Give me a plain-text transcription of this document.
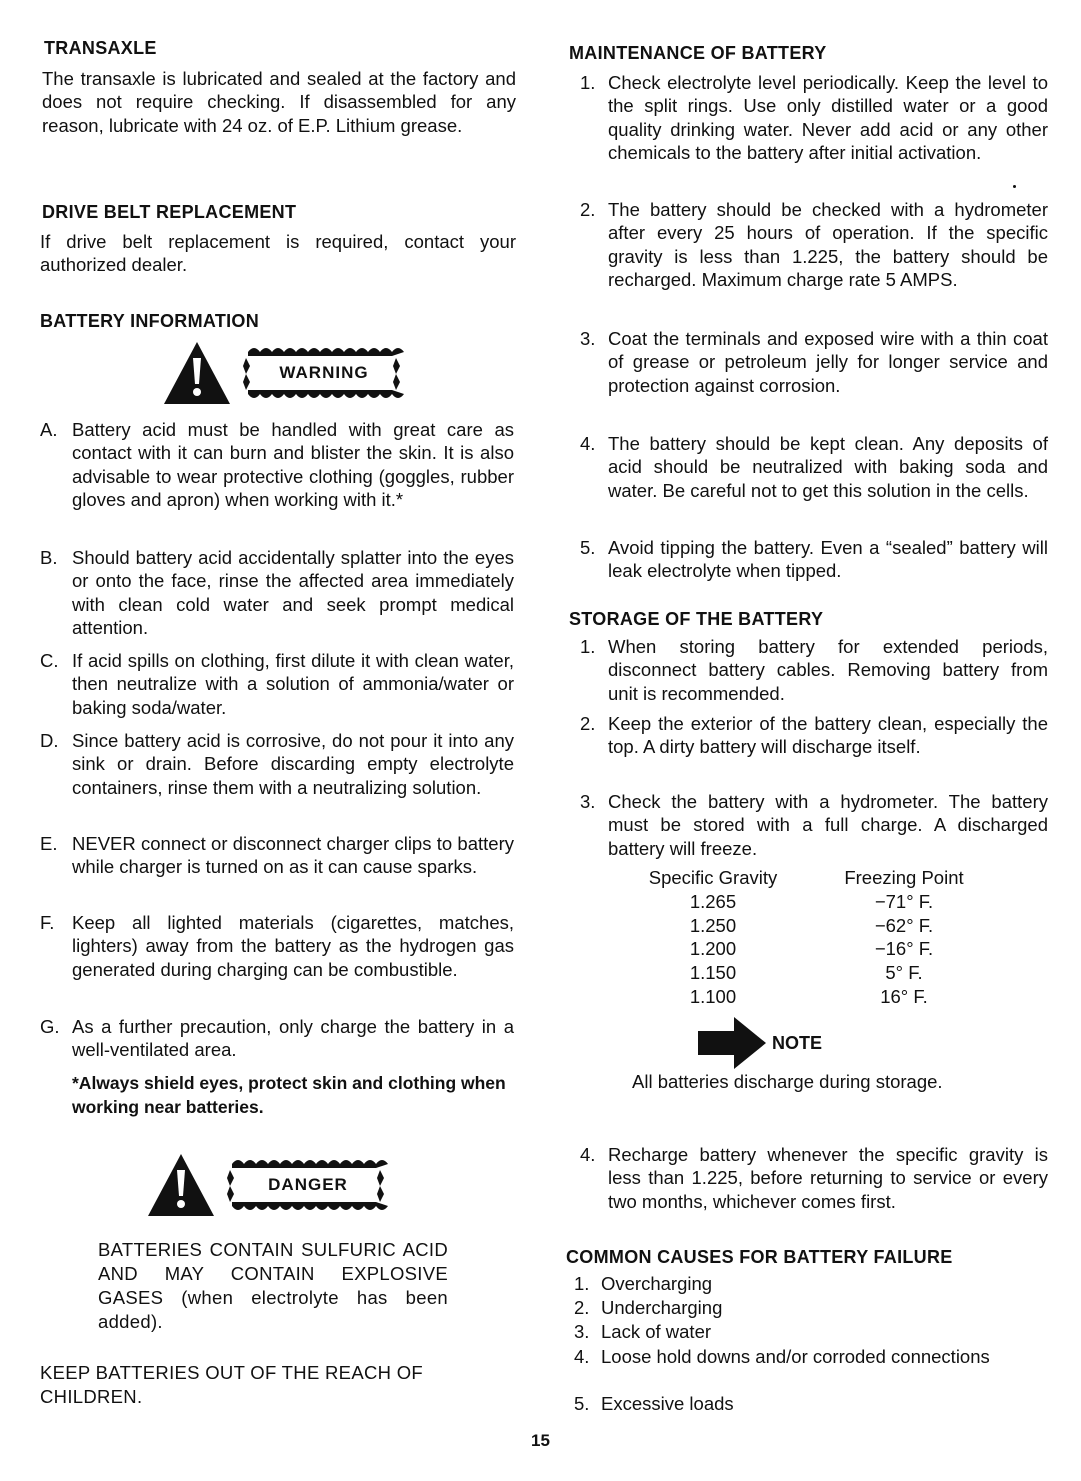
TRANSAXLE

The transaxle is lubricated and sealed at the factory and does not require checking. If disassembled for any reason, lubricate with 24 oz. of E.P. Lithium grease.

DRIVE BELT REPLACEMENT

If drive belt replacement is required, contact your authorized dealer.

BATTERY INFORMATION
WARNING
A. Battery acid must be handled with great care as contact with it can burn and blister the skin. It is also advisable to wear protective clothing (goggles, rubber gloves and apron) when working with it.*
B. Should battery acid accidentally splatter into the eyes or onto the face, rinse the affected area immediately with clean cold water and seek prompt medical attention.
C. If acid spills on clothing, first dilute it with clean water, then neutralize with a solution of ammonia/water or baking soda/water.
D. Since battery acid is corrosive, do not pour it into any sink or drain. Before discarding empty electrolyte containers, rinse them with a neutralizing solution.
E. NEVER connect or disconnect charger clips to battery while charger is turned on as it can cause sparks.
F. Keep all lighted materials (cigarettes, matches, lighters) away from the battery as the hydrogen gas generated during charging can be combustible.
G. As a further precaution, only charge the battery in a well-ventilated area.
*Always shield eyes, protect skin and clothing when working near batteries.
DANGER
BATTERIES CONTAIN SULFURIC ACID AND MAY CONTAIN EXPLOSIVE GASES (when electrolyte has been added).
KEEP BATTERIES OUT OF THE REACH OF CHILDREN.
MAINTENANCE OF BATTERY
1. Check electrolyte level periodically. Keep the level to the split rings. Use only distilled water or a good quality drinking water. Never add acid or any other chemicals to the battery after initial activation.
2. The battery should be checked with a hydrometer after every 25 hours of operation. If the specific gravity is less than 1.225, the battery should be recharged. Maximum charge rate 5 AMPS.
3. Coat the terminals and exposed wire with a thin coat of grease or petroleum jelly for longer service and protection against corrosion.
4. The battery should be kept clean. Any deposits of acid should be neutralized with baking soda and water. Be careful not to get this solution in the cells.
5. Avoid tipping the battery. Even a “sealed” battery will leak electrolyte when tipped.
STORAGE OF THE BATTERY
1. When storing battery for extended periods, disconnect battery cables. Removing battery from unit is recommended.
2. Keep the exterior of the battery clean, especially the top. A dirty battery will discharge itself.
3. Check the battery with a hydrometer. The battery must be stored with a full charge. A discharged battery will freeze.
Specific Gravity	Freezing Point
1.265	−71° F.
1.250	−62° F.
1.200	−16° F.
1.150	5° F.
1.100	16° F.
NOTE
All batteries discharge during storage.
4. Recharge battery whenever the specific gravity is less than 1.225, before returning to service or every two months, whichever comes first.
COMMON CAUSES FOR BATTERY FAILURE
1. Overcharging
2. Undercharging
3. Lack of water
4. Loose hold downs and/or corroded connections
5. Excessive loads
15
